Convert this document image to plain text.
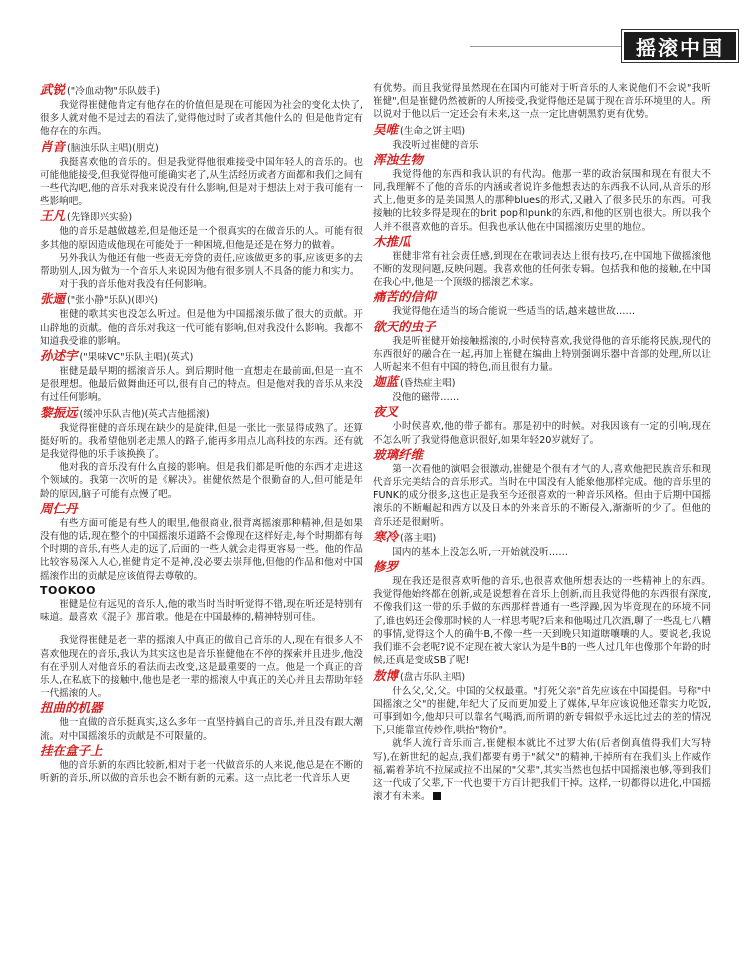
摇滚中国
武锐 ("冷血动物"乐队鼓手)

我觉得崔健他肯定有他存在的价值但是现在可能因为社会的变化太快了,很多人就对他不是过去的看法了,觉得他过时了或者其他什么的 但是他肯定有他存在的东西。

肖音 (脑浊乐队主唱)(朋克)

我挺喜欢他的音乐的。但是我觉得他很难接受中国年轻人的音乐的。也可能他能接受,但我觉得他可能确实老了,从生活经历或者方面都和我们之间有一些代沟吧,他的音乐对我来说没有什么影响,但是对于想法上对于我可能有一些影响吧。

王凡 (先锋即兴实验)

他的音乐是越做越差,但是他还是一个很真实的在做音乐的人。可能有很多其他的原因造成他现在可能处于一种困境,但他是还是在努力的做着。

另外我认为他还有他一些责无旁贷的责任,应该做更多的事,应该更多的去帮助别人,因为做为一个音乐人来说因为他有很多别人不具备的能力和实力。

对于我的音乐他对我没有任何影响。

张逦 ("张小静"乐队)(即兴)

崔健的歌其实也没怎么听过。但是他为中国摇滚乐做了很大的贡献。开山辟地的贡献。他的音乐对我这一代可能有影响,但对我没什么影响。我都不知道我受谁的影响。

孙述宇 ("果味VC"乐队主唱)(英式)

崔健是最早期的摇滚音乐人。到后期时他一直想走在最前面,但是一直不是很理想。他最后做舞曲还可以,很有自己的特点。但是他对我的音乐从来没有过任何影响。

黎振远 (缓冲乐队吉他)(英式吉他摇滚)

我觉得崔健的音乐现在缺少的是旋律,但是一张比一张显得成熟了。还算挺好听的。我希望他别老走黑人的路子,能再多用点儿高科技的东西。还有就是我觉得他的乐手该换换了。

他对我的音乐没有什么直接的影响。但是我们都是听他的东西才走进这个领域的。我第一次听的是《解决》。崔健依然是个很勤奋的人,但可能是年龄的原因,脑子可能有点慢了吧。

周仁丹

有些方面可能是有些人的眼里,他很商业,很背离摇滚那种精神,但是如果没有他的话,现在整个的中国摇滚乐道路不会像现在这样好走,每个时期都有每个时期的音乐,有些人走的远了,后面的一些人就会走得更容易一些。他的作品比较容易深入人心,崔健肯定不是神,没必要去崇拜他,但他的作品和他对中国摇滚作出的贡献是应该值得去尊敬的。

TOOKOO

崔健是位有远见的音乐人,他的歌当时当时听觉得不错,现在听还是特别有味道。最喜欢《混子》那首歌。他是在中国最棒的,精神特别可佳。

我觉得崔健是老一辈的摇滚人中真正的做自己音乐的人,现在有很多人不喜欢他现在的音乐,我认为其实这也是音乐崔健他在不停的探索并且进步,他没有在乎别人对他音乐的看法而去改变,这是最重要的一点。他是一个真正的音乐人,在私底下的接触中,他也是老一辈的摇滚人中真正的关心并且去帮助年轻一代摇滚的人。

扭曲的机器

他一直做的音乐挺真实,这么多年一直坚持搞自己的音乐,并且没有跟大潮流。对中国摇滚乐的贡献是不可限量的。

挂在盒子上

他的音乐新的东西比较新,相对于老一代做音乐的人来说,他总是在不断的听新的音乐,所以做的音乐也会不断有新的元素。这一点比老一代音乐人更

有优势。而且我觉得虽然现在在国内可能对于听音乐的人来说他们不会说"我听崔健",但是崔健仍然被新的人所接受,我觉得他还是属于现在音乐环境里的人。所以说对于他以后一定还会有未来,这一点一定比唐朝黑豹更有优势。

吴唯 (生命之饼主唱)

我没听过崔健的音乐

浑浊生物

我觉得他的东西和我认识的有代沟。他那一辈的政治氛围和现在有很大不同,我理解不了他的音乐的内涵或者说许多他想表达的东西我不认同,从音乐的形式上,他更多的是美国黑人的那种blues的形式,又融入了很多民乐的东西。可我接触的比较多得是现在的brit pop和punk的东西,和他的区别也很大。所以我个人并不很喜欢他的音乐。但我也承认他在中国摇滚历史里的地位。

木推瓜

崔健非常有社会责任感,到现在在歌词表达上很有技巧,在中国地下做摇滚他不断的发现问题,反映问题。我喜欢他的任何张专辑。包括我和他的接触,在中国在我心中,他是一个顶级的摇滚艺术家。

痛苦的信仰

我觉得他在适当的场合能说一些适当的话,越来越世故……

欲天的虫子

我是听崔健开始接触摇滚的,小时侯特喜欢,我觉得他的音乐能将民族,现代的东西很好的融合在一起,再加上崔健在编曲上特别强调乐器中音部的处理,所以让人听起来不但有中国的特色,而且很有力量。

迦蓝 (昏热症主唱)

没他的磁带……

夜叉

小时侯喜欢,他的带子都有。那是初中的时候。对我因该有一定的引响,现在不怎么听了我觉得他意识很好,如果年轻20岁就好了。

玻璃纤维

第一次看他的演唱会很激动,崔健是个很有才气的人,喜欢他把民族音乐和现代音乐完美结合的音乐形式。当时在中国没有人能象他那样完成。他的音乐里的FUNK的成分很多,这也正是我至今还很喜欢的一种音乐风格。但由于后期中国摇滚乐的不断崛起和西方以及日本的外来音乐的不断侵入,渐渐听的少了。但他的音乐还是很耐听。

寒冷 (落主唱)

国内的基本上没怎么听,一开始就没听……

修罗

现在我还是很喜欢听他的音乐,也很喜欢他所想表达的一些精神上的东西。我觉得他始终都在创新,或是说想着在音乐上创新,而且我觉得他的东西很有深度,不像我们这一带的乐手做的东西那样普通有一些浮躁,因为毕竟现在的环境不同了,谁也妈还会像那时候的人一样思考呢?后来和他喝过几次酒,聊了一些乱七八糟的事情,觉得这个人的确牛B,不像一些一天到晚只知道瞎嚷嚷的人。要说老,我说我们谁不会老呢?说不定现在被大家认为是牛B的一些人过几年也像那个年龄的时候,还真是变成SB了呢!

敖博 (盘古乐队主唱)

什么父,父,父。中国的父权最重。"打死父亲"首先应该在中国提倡。号称"中国摇滚之父"的崔健,年纪大了反而更加爱上了媒体,早年应该说他还靠实力吃饭,可事到如今,他却只可以靠名气喝酒,而所谓的新专辑似乎永远比过去的差的情况下,只能靠宣传炒作,哄抬"物价"。

就华人流行音乐而言,崔健根本就比不过罗大佑(后者倒真值得我们大写特写),在新世纪的起点,我们都要有勇于"弑父"的精神,干掉所有在我们头上作威作福,霸着茅坑不拉屎或拉不出屎的"父辈",其实当然也包括中国摇滚也够,等到我们这一代成了父辈,下一代也要干方百计把我们干掉。这样,一切都得以进化,中国摇滚才有未来。
